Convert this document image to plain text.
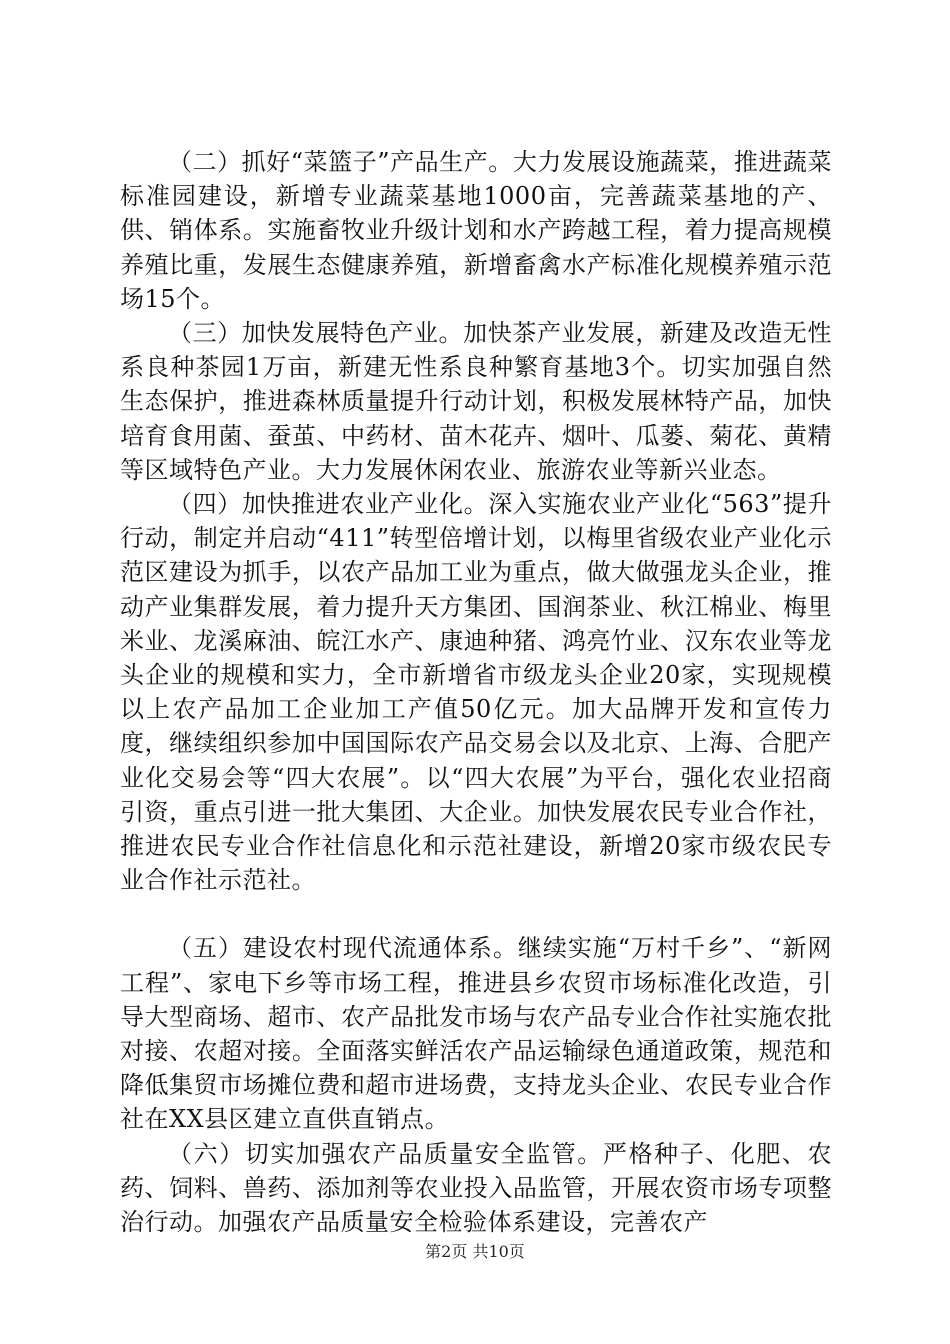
（二）抓好“菜篮子”产品生产。大力发展设施蔬菜，推进蔬菜标准园建设，新增专业蔬菜基地1000亩，完善蔬菜基地的产、供、销体系。实施畜牧业升级计划和水产跨越工程，着力提高规模养殖比重，发展生态健康养殖，新增畜禽水产标准化规模养殖示范场15个。

（三）加快发展特色产业。加快茶产业发展，新建及改造无性系良种茶园1万亩，新建无性系良种繁育基地3个。切实加强自然生态保护，推进森林质量提升行动计划，积极发展林特产品，加快培育食用菌、蚕茧、中药材、苗木花卉、烟叶、瓜蒌、菊花、黄精等区域特色产业。大力发展休闲农业、旅游农业等新兴业态。

（四）加快推进农业产业化。深入实施农业产业化“563”提升行动，制定并启动“411”转型倍增计划，以梅里省级农业产业化示范区建设为抓手，以农产品加工业为重点，做大做强龙头企业，推动产业集群发展，着力提升天方集团、国润茶业、秋江棉业、梅里米业、龙溪麻油、皖江水产、康迪种猪、鸿亮竹业、汉东农业等龙头企业的规模和实力，全市新增省市级龙头企业20家，实现规模以上农产品加工企业加工产值50亿元。加大品牌开发和宣传力度，继续组织参加中国国际农产品交易会以及北京、上海、合肥产业化交易会等“四大农展”。以“四大农展”为平台，强化农业招商引资，重点引进一批大集团、大企业。加快发展农民专业合作社，推进农民专业合作社信息化和示范社建设，新增20家市级农民专业合作社示范社。

（五）建设农村现代流通体系。继续实施“万村千乡”、“新网工程”、家电下乡等市场工程，推进县乡农贸市场标准化改造，引导大型商场、超市、农产品批发市场与农产品专业合作社实施农批对接、农超对接。全面落实鲜活农产品运输绿色通道政策，规范和降低集贸市场摊位费和超市进场费，支持龙头企业、农民专业合作社在XX县区建立直供直销点。

（六）切实加强农产品质量安全监管。严格种子、化肥、农药、饲料、兽药、添加剂等农业投入品监管，开展农资市场专项整治行动。加强农产品质量安全检验体系建设，完善农产

第2页 共10页
